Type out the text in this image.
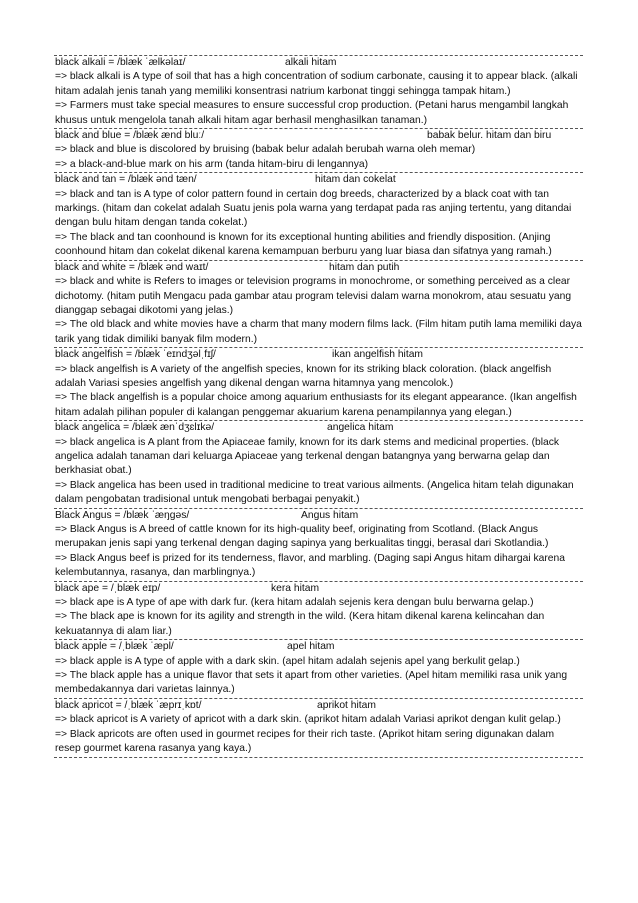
black alkali = /blæk ˈælkəlaɪ/	alkali hitam
=> black alkali is A type of soil that has a high concentration of sodium carbonate, causing it to appear black. (alkali hitam adalah jenis tanah yang memiliki konsentrasi natrium karbonat tinggi sehingga tampak hitam.)
=> Farmers must take special measures to ensure successful crop production. (Petani harus mengambil langkah khusus untuk mengelola tanah alkali hitam agar berhasil menghasilkan tanaman.)
black and blue = /blæk ænd bluː/	babak belur. hitam dan biru
=> black and blue is discolored by bruising (babak belur adalah berubah warna oleh memar)
=> a black-and-blue mark on his arm (tanda hitam-biru di lengannya)
black and tan = /blæk ənd tæn/	hitam dan cokelat
=> black and tan is A type of color pattern found in certain dog breeds, characterized by a black coat with tan markings. (hitam dan cokelat adalah Suatu jenis pola warna yang terdapat pada ras anjing tertentu, yang ditandai dengan bulu hitam dengan tanda cokelat.)
=> The black and tan coonhound is known for its exceptional hunting abilities and friendly disposition. (Anjing coonhound hitam dan cokelat dikenal karena kemampuan berburu yang luar biasa dan sifatnya yang ramah.)
black and white = /blæk ənd waɪt/	hitam dan putih
=> black and white is Refers to images or television programs in monochrome, or something perceived as a clear dichotomy. (hitam putih Mengacu pada gambar atau program televisi dalam warna monokrom, atau sesuatu yang dianggap sebagai dikotomi yang jelas.)
=> The old black and white movies have a charm that many modern films lack. (Film hitam putih lama memiliki daya tarik yang tidak dimiliki banyak film modern.)
black angelfish = /blæk ˈeɪndʒəlˌfɪʃ/	ikan angelfish hitam
=> black angelfish is A variety of the angelfish species, known for its striking black coloration. (black angelfish adalah Variasi spesies angelfish yang dikenal dengan warna hitamnya yang mencolok.)
=> The black angelfish is a popular choice among aquarium enthusiasts for its elegant appearance. (Ikan angelfish hitam adalah pilihan populer di kalangan penggemar akuarium karena penampilannya yang elegan.)
black angelica = /blæk ænˈdʒɛlɪkə/	angelica hitam
=> black angelica is A plant from the Apiaceae family, known for its dark stems and medicinal properties. (black angelica adalah tanaman dari keluarga Apiaceae yang terkenal dengan batangnya yang berwarna gelap dan berkhasiat obat.)
=> Black angelica has been used in traditional medicine to treat various ailments. (Angelica hitam telah digunakan dalam pengobatan tradisional untuk mengobati berbagai penyakit.)
Black Angus = /blæk ˈæŋgəs/	Angus hitam
=> Black Angus is A breed of cattle known for its high-quality beef, originating from Scotland. (Black Angus merupakan jenis sapi yang terkenal dengan daging sapinya yang berkualitas tinggi, berasal dari Skotlandia.)
=> Black Angus beef is prized for its tenderness, flavor, and marbling. (Daging sapi Angus hitam dihargai karena kelembutannya, rasanya, dan marblingnya.)
black ape = /ˌblæk eɪp/	kera hitam
=> black ape is A type of ape with dark fur. (kera hitam adalah sejenis kera dengan bulu berwarna gelap.)
=> The black ape is known for its agility and strength in the wild. (Kera hitam dikenal karena kelincahan dan kekuatannya di alam liar.)
black apple = /ˌblæk ˈæpl/	apel hitam
=> black apple is A type of apple with a dark skin. (apel hitam adalah sejenis apel yang berkulit gelap.)
=> The black apple has a unique flavor that sets it apart from other varieties. (Apel hitam memiliki rasa unik yang membedakannya dari varietas lainnya.)
black apricot = /ˌblæk ˈæprɪˌkɒt/	aprikot hitam
=> black apricot is A variety of apricot with a dark skin. (aprikot hitam adalah Variasi aprikot dengan kulit gelap.)
=> Black apricots are often used in gourmet recipes for their rich taste. (Aprikot hitam sering digunakan dalam resep gourmet karena rasanya yang kaya.)
